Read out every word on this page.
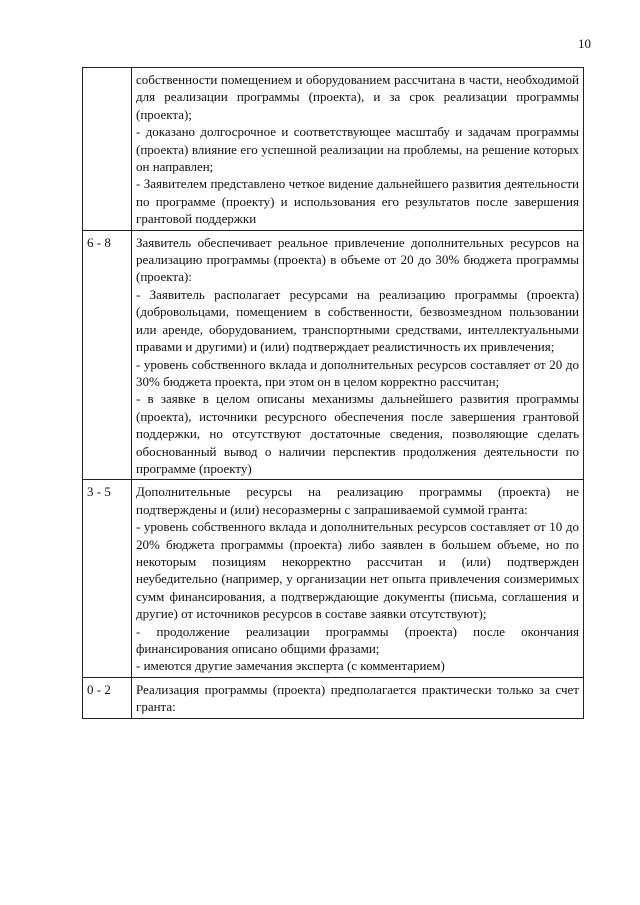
10

	собственности помещением и оборудованием рассчитана в части, необходимой для реализации программы (проекта), и за срок реализации программы (проекта);

- доказано долгосрочное и соответствующее масштабу и задачам программы (проекта) влияние его успешной реализации на проблемы, на решение которых он направлен;

- Заявителем представлено четкое видение дальнейшего развития деятельности по программе (проекту) и использования его результатов после завершения грантовой поддержки

6 - 8	Заявитель обеспечивает реальное привлечение дополнительных ресурсов на реализацию программы (проекта) в объеме от 20 до 30% бюджета программы (проекта):

- Заявитель располагает ресурсами на реализацию программы (проекта) (добровольцами, помещением в собственности, безвозмездном пользовании или аренде, оборудованием, транспортными средствами, интеллектуальными правами и другими) и (или) подтверждает реалистичность их привлечения;

- уровень собственного вклада и дополнительных ресурсов составляет от 20 до 30% бюджета проекта, при этом он в целом корректно рассчитан;

- в заявке в целом описаны механизмы дальнейшего развития программы (проекта), источники ресурсного обеспечения после завершения грантовой поддержки, но отсутствуют достаточные сведения, позволяющие сделать обоснованный вывод о наличии перспектив продолжения деятельности по программе (проекту)

3 - 5	Дополнительные ресурсы на реализацию программы (проекта) не подтверждены и (или) несоразмерны с запрашиваемой суммой гранта:

- уровень собственного вклада и дополнительных ресурсов составляет от 10 до 20% бюджета программы (проекта) либо заявлен в большем объеме, но по некоторым позициям некорректно рассчитан и (или) подтвержден неубедительно (например, у организации нет опыта привлечения соизмеримых сумм финансирования, а подтверждающие документы (письма, соглашения и другие) от источников ресурсов в составе заявки отсутствуют);

- продолжение реализации программы (проекта) после окончания финансирования описано общими фразами;

- имеются другие замечания эксперта (с комментарием)

0 - 2	Реализация программы (проекта) предполагается практически только за счет гранта:
